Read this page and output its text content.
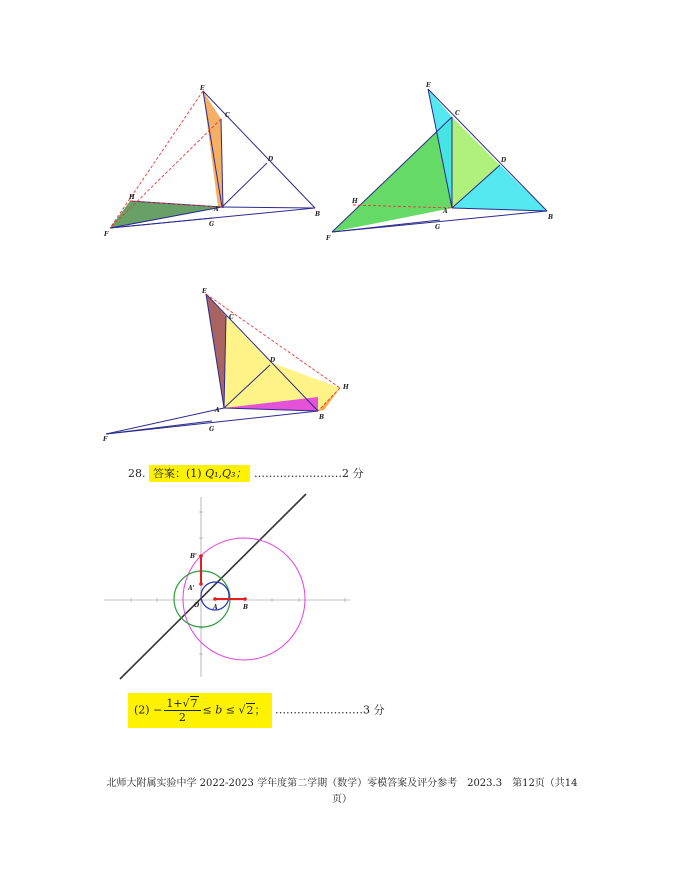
E
C
D
H
A
B
F
G
E
C
D
H
A
B
F
G
E
C
D
H
A
B
F
G
28. 答案：(1) Q₁,Q₃； ……………………2 分
B'
A'
O A	B
$(2) - \frac{1+√7}{2} \le b \le √2$； ……………………3 分
北师大附属实验中学 2022-2023 学年度第二学期（数学）零模答案及评分参考　2023.3　第12页（共14
页）
